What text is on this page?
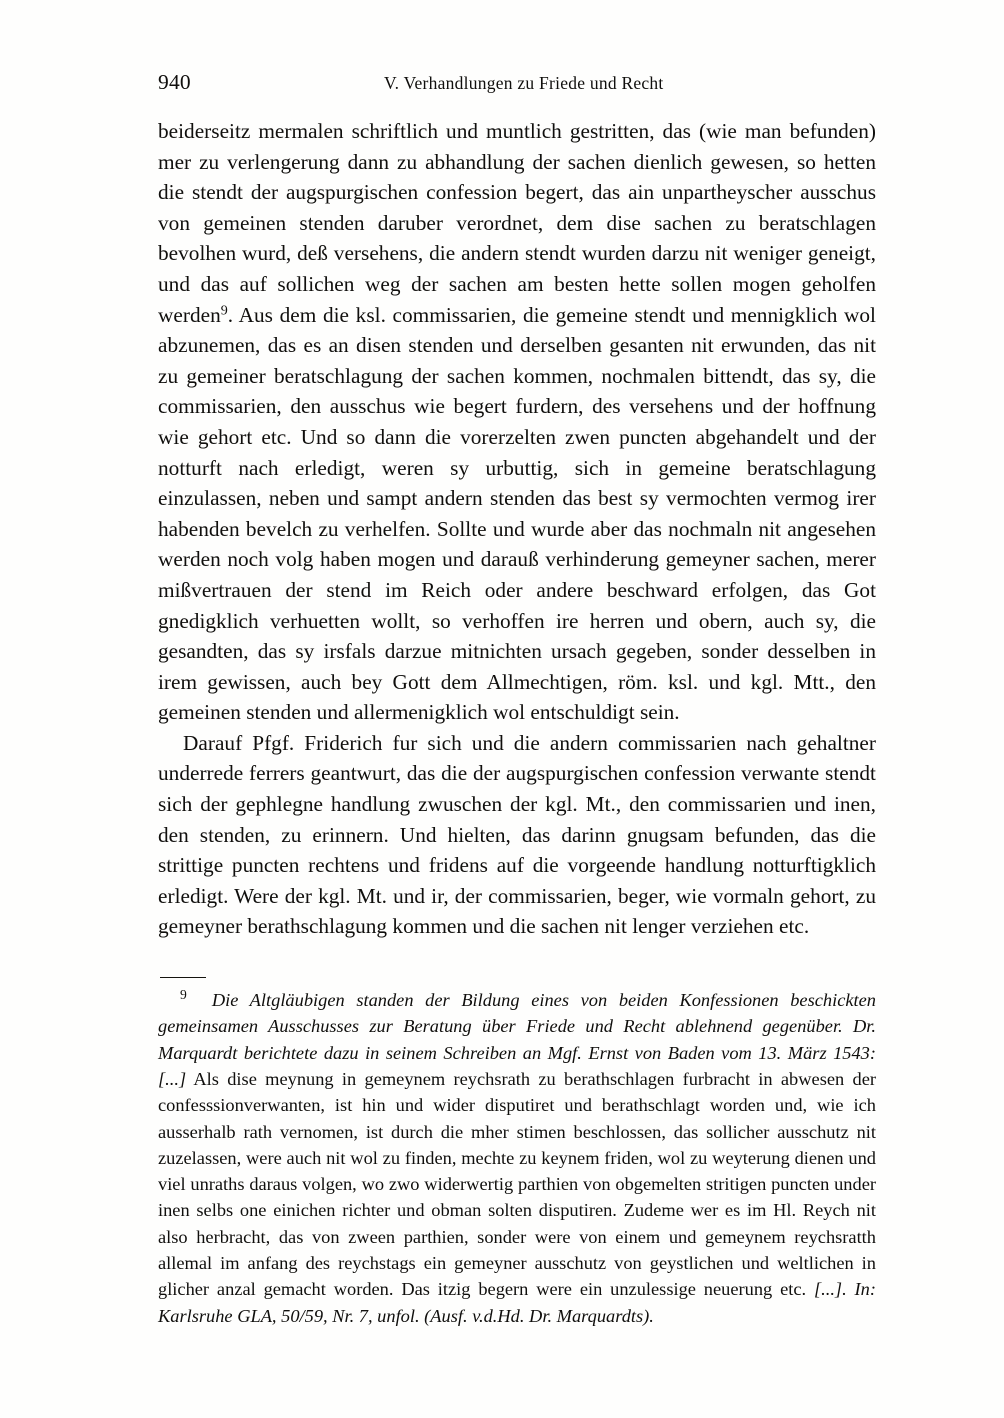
940	V. Verhandlungen zu Friede und Recht

beiderseitz mermalen schriftlich und muntlich gestritten, das (wie man befunden) mer zu verlengerung dann zu abhandlung der sachen dienlich gewesen, so hetten die stendt der augspurgischen confession begert, das ain unpartheyscher ausschus von gemeinen stenden daruber verordnet, dem dise sachen zu beratschlagen bevolhen wurd, deß versehens, die andern stendt wurden darzu nit weniger geneigt, und das auf sollichen weg der sachen am besten hette sollen mogen geholfen werden$^9$. Aus dem die ksl. commissarien, die gemeine stendt und mennigklich wol abzunemen, das es an disen stenden und derselben gesanten nit erwunden, das nit zu gemeiner beratschlagung der sachen kommen, nochmalen bittendt, das sy, die commissarien, den ausschus wie begert furdern, des versehens und der hoffnung wie gehort etc. Und so dann die vorerzelten zwen puncten abgehandelt und der notturft nach erledigt, weren sy urbuttig, sich in gemeine beratschlagung einzulassen, neben und sampt andern stenden das best sy vermochten vermog irer habenden bevelch zu verhelfen. Sollte und wurde aber das nochmaln nit angesehen werden noch volg haben mogen und darauß verhinderung gemeyner sachen, merer mißvertrauen der stend im Reich oder andere beschward erfolgen, das Got gnedigklich verhuetten wollt, so verhoffen ire herren und obern, auch sy, die gesandten, das sy irsfals darzue mitnichten ursach gegeben, sonder desselben in irem gewissen, auch bey Gott dem Allmechtigen, röm. ksl. und kgl. Mtt., den gemeinen stenden und allermenigklich wol entschuldigt sein.

Darauf Pfgf. Friderich fur sich und die andern commissarien nach gehaltner underrede ferrers geantwurt, das die der augspurgischen confession verwante stendt sich der gephlegne handlung zwuschen der kgl. Mt., den commissarien und inen, den stenden, zu erinnern. Und hielten, das darinn gnugsam befunden, das die strittige puncten rechtens und fridens auf die vorgeende handlung notturftigklich erledigt. Were der kgl. Mt. und ir, der commissarien, beger, wie vormaln gehort, zu gemeyner berathschlagung kommen und die sachen nit lenger verziehen etc.

$^9$ Die Altgläubigen standen der Bildung eines von beiden Konfessionen beschickten gemeinsamen Ausschusses zur Beratung über Friede und Recht ablehnend gegenüber. Dr. Marquardt berichtete dazu in seinem Schreiben an Mgf. Ernst von Baden vom 13. März 1543: [...] Als dise meynung in gemeynem reychsrath zu berathschlagen furbracht in abwesen der confesssionverwanten, ist hin und wider disputiret und berathschlagt worden und, wie ich ausserhalb rath vernomen, ist durch die mher stimen beschlossen, das sollicher ausschutz nit zuzelassen, were auch nit wol zu finden, mechte zu keynem friden, wol zu weyterung dienen und viel unraths daraus volgen, wo zwo widerwertig parthien von obgemelten stritigen puncten under inen selbs one einichen richter und obman solten disputiren. Zudeme wer es im Hl. Reych nit also herbracht, das von zween parthien, sonder were von einem und gemeynem reychsratth allemal im anfang des reychstags ein gemeyner ausschutz von geystlichen und weltlichen in glicher anzal gemacht worden. Das itzig begern were ein unzulessige neuerung etc. [...]. In: Karlsruhe GLA, 50/59, Nr. 7, unfol. (Ausf. v.d.Hd. Dr. Marquardts).
